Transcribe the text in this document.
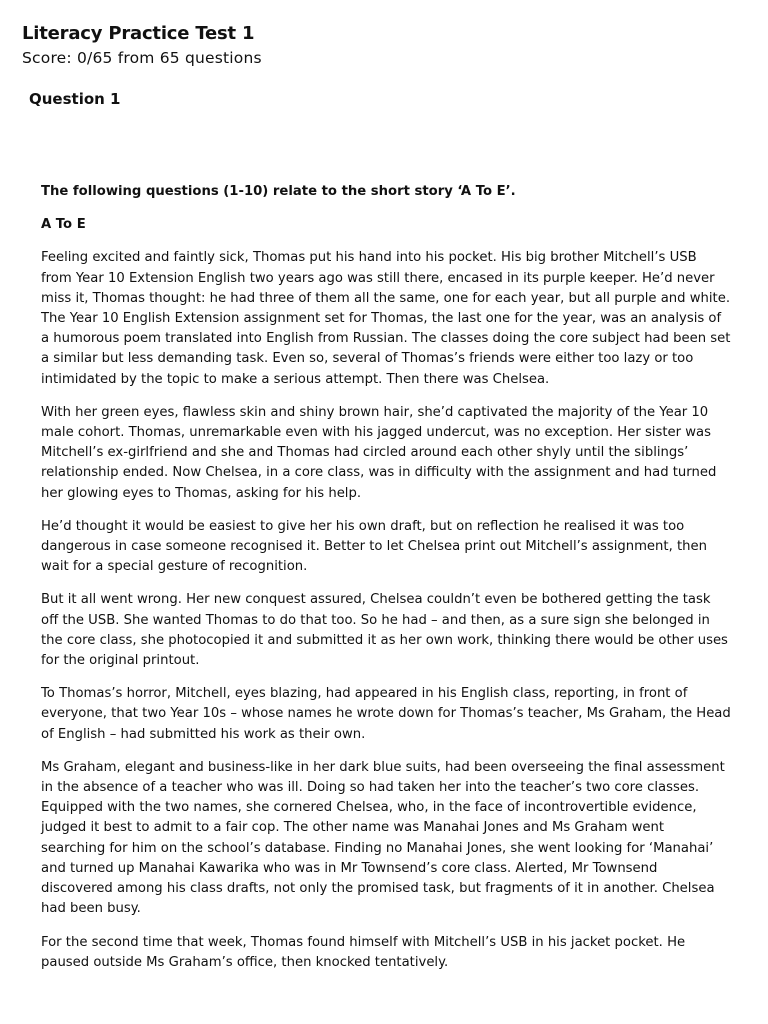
Literacy Practice Test 1
Score: 0/65 from 65 questions
Question 1

The following questions (1-10) relate to the short story ‘A To E’.

A To E

Feeling excited and faintly sick, Thomas put his hand into his pocket. His big brother Mitchell’s USB from Year 10 Extension English two years ago was still there, encased in its purple keeper. He’d never miss it, Thomas thought: he had three of them all the same, one for each year, but all purple and white. The Year 10 English Extension assignment set for Thomas, the last one for the year, was an analysis of a humorous poem translated into English from Russian. The classes doing the core subject had been set a similar but less demanding task. Even so, several of Thomas’s friends were either too lazy or too intimidated by the topic to make a serious attempt. Then there was Chelsea.

With her green eyes, flawless skin and shiny brown hair, she’d captivated the majority of the Year 10 male cohort. Thomas, unremarkable even with his jagged undercut, was no exception. Her sister was Mitchell’s ex-girlfriend and she and Thomas had circled around each other shyly until the siblings’ relationship ended. Now Chelsea, in a core class, was in difficulty with the assignment and had turned her glowing eyes to Thomas, asking for his help.

He’d thought it would be easiest to give her his own draft, but on reflection he realised it was too dangerous in case someone recognised it. Better to let Chelsea print out Mitchell’s assignment, then wait for a special gesture of recognition.

But it all went wrong. Her new conquest assured, Chelsea couldn’t even be bothered getting the task off the USB. She wanted Thomas to do that too. So he had – and then, as a sure sign she belonged in the core class, she photocopied it and submitted it as her own work, thinking there would be other uses for the original printout.

To Thomas’s horror, Mitchell, eyes blazing, had appeared in his English class, reporting, in front of everyone, that two Year 10s – whose names he wrote down for Thomas’s teacher, Ms Graham, the Head of English – had submitted his work as their own.

Ms Graham, elegant and business-like in her dark blue suits, had been overseeing the final assessment in the absence of a teacher who was ill. Doing so had taken her into the teacher’s two core classes. Equipped with the two names, she cornered Chelsea, who, in the face of incontrovertible evidence, judged it best to admit to a fair cop. The other name was Manahai Jones and Ms Graham went searching for him on the school’s database. Finding no Manahai Jones, she went looking for ‘Manahai’ and turned up Manahai Kawarika who was in Mr Townsend’s core class. Alerted, Mr Townsend discovered among his class drafts, not only the promised task, but fragments of it in another. Chelsea had been busy.

For the second time that week, Thomas found himself with Mitchell’s USB in his jacket pocket. He paused outside Ms Graham’s office, then knocked tentatively.
